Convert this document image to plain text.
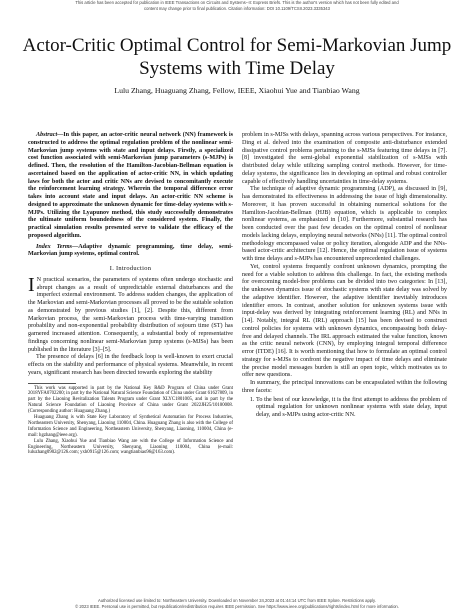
This article has been accepted for publication in IEEE Transactions on Circuits and Systems--II: Express Briefs. This is the author's version which has not been fully edited and
content may change prior to final publication. Citation information: DOI 10.1109/TCSII.2023.3335343
Actor-Critic Optimal Control for Semi-Markovian Jump Systems with Time Delay
Lulu Zhang, Huaguang Zhang, Fellow, IEEE, Xiaohui Yue and Tianbiao Wang

Abstract—In this paper, an actor-critic neural network (NN) framework is constructed to address the optimal regulation problem of the nonlinear semi-Markovian jump systems with state and input delays. Firstly, a specialized cost function associated with semi-Markovian jump parameters (s-MJPs) is defined. Then, the resolution of the Hamilton-Jacobian-Bellman equation is ascertained based on the application of actor-critic NN, in which updating laws for both the actor and critic NNs are devised to concomitantly execute the reinforcement learning strategy. Wherein the temporal difference error takes into account state and input delays. An actor-critic NN scheme is designed to approximate the unknown dynamic for time-delay systems with s-MJPs. Utilizing the Lyapunov method, this study successfully demonstrates the ultimate uniform boundedness of the considered system. Finally, the practical simulation results presented serve to validate the efficacy of the proposed algorithm.

Index Terms—Adaptive dynamic programming, time delay, semi-Markovian jump systems, optimal control.

I. Introduction

I N practical scenarios, the parameters of systems often undergo stochastic and abrupt changes as a result of unpredictable external disturbances and the imperfect external environment. To address sudden changes, the application of the Markovian and semi-Markovian processes all proved to be the suitable solution as demonstrated by previous studies [1], [2]. Despite this, different from Markovian process, the semi-Markovian process with time-varying transition probability and non-exponential probability distribution of sojourn time (ST) has garnered increased attention. Consequently, a substantial body of representative findings concerning nonlinear semi-Markovian jump systems (s-MJSs) has been published in the literature [3]–[5].

The presence of delays [6] in the feedback loop is well-known to exert crucial effects on the stability and performance of physical systems. Meanwhile, in recent years, significant research has been directed towards exploring the stability

This work was supported in part by the National Key R&D Program of China under Grant 2018YFA0702200; in part by the National Natural Science Foundation of China under Grant 61627809, in part by the Liaoning Revitalization Talents Program under Grant XLYC1801005, and in part by the Natural Science Foundation of Liaoning Province of China under Grant 2022JH25/10100008. (Corresponding author: Huaguang Zhang.)

Huaguang Zhang is with State Key Laboratory of Synthetical Automation for Process Industries, Northeastern University, Shenyang, Liaoning 110004, China. Huaguang Zhang is also with the College of Information Science and Engineering, Northeastern University, Shenyang, Liaoning, 110004, China (e-mail: hgzhang@ieee.org).

Lulu Zhang, Xiaohui Yue and Tianbiao Wang are with the College of Information Science and Engineering, Northeastern University, Shenyang, Liaoning 110004, China (e-mail: luluzhang0902@126.com; yxh0915@126.com; wangtianbiao96@163.com).

problem in s-MJSs with delays, spanning across various perspectives. For instance, Ding et al. delved into the examination of composite anti-disturbance extended dissipative control problems pertaining to the s-MJSs featuring time delays in [7]. [8] investigated the semi-global exponential stabilization of s-MJSs with distributed delay while utilizing sampling control methods. However, for time-delay systems, the significance lies in developing an optimal and robust controller capable of effectively handling uncertainties in time-delay systems.

The technique of adaptive dynamic programming (ADP), as discussed in [9], has demonstrated its effectiveness in addressing the issue of high dimensionality. Moreover, it has proven successful in obtaining numerical solutions for the Hamilton-Jacobian-Bellman (HJB) equation, which is applicable to complex nonlinear systems, as emphasized in [10]. Furthermore, substantial research has been conducted over the past few decades on the optimal control of nonlinear models lacking delays, employing neural networks (NNs) [11]. The optimal control methodology encompassed value or policy iteration, alongside ADP and the NNs-based actor-critic architecture [12]. Hence, the optimal regulation issue of systems with time delays and s-MJPs has encountered unprecedented challenges.

Yet, control systems frequently confront unknown dynamics, prompting the need for a viable solution to address this challenge. In fact, the existing methods for overcoming model-free problems can be divided into two categories: In [13], the unknown dynamics issue of stochastic systems with state delay was solved by the adaptive identifier. However, the adaptive identifier inevitably introduces identifier errors. In contrast, another solution for unknown systems issue with input-delay was derived by integrating reinforcement learning (RL) and NNs in [14]. Notably, integral RL (IRL) approach [15] has been devised to construct control policies for systems with unknown dynamics, encompassing both delay-free and delayed channels. The IRL approach estimated the value function, known as the critic neural network (CNN), by employing integral temporal difference error (ITDE) [16]. It is worth mentioning that how to formulate an optimal control strategy for s-MJSs to confront the negative impact of time delays and eliminate the precise model messages burden is still an open topic, which motivates us to offer new questions.

In summary, the principal innovations can be encapsulated within the following three facets:

1. To the best of our knowledge, it is the first attempt to address the problem of optimal regulation for unknown nonlinear systems with state delay, input delay, and s-MJPs using actor-critic NN.
Authorized licensed use limited to: Northeastern University. Downloaded on November 24,2023 at 01:44:14 UTC from IEEE Xplore. Restrictions apply.
© 2023 IEEE. Personal use is permitted, but republication/redistribution requires IEEE permission. See https://www.ieee.org/publications/rights/index.html for more information.
